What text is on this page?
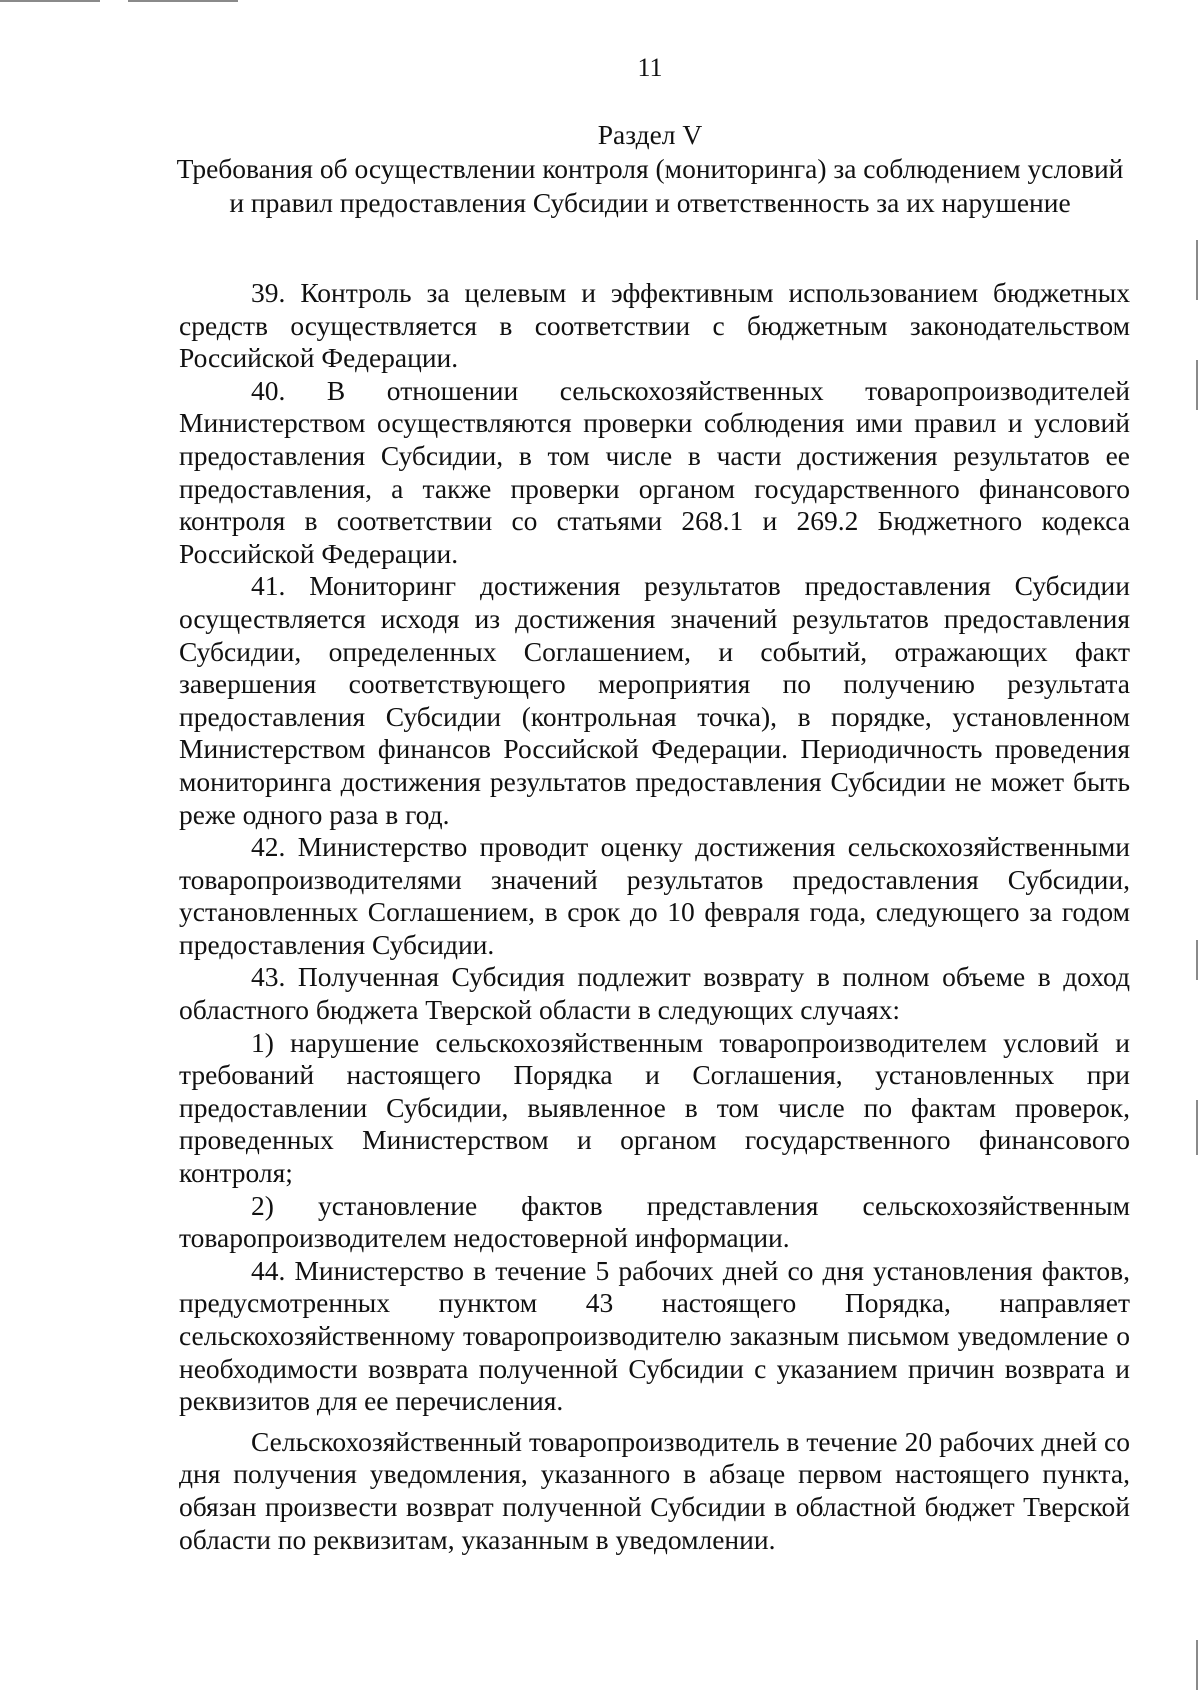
11
Раздел V
Требования об осуществлении контроля (мониторинга) за соблюдением условий и правил предоставления Субсидии и ответственность за их нарушение

39. Контроль за целевым и эффективным использованием бюджетных средств осуществляется в соответствии с бюджетным законодательством Российской Федерации.

40. В отношении сельскохозяйственных товаропроизводителей Министерством осуществляются проверки соблюдения ими правил и условий предоставления Субсидии, в том числе в части достижения результатов ее предоставления, а также проверки органом государственного финансового контроля в соответствии со статьями 268.1 и 269.2 Бюджетного кодекса Российской Федерации.

41. Мониторинг достижения результатов предоставления Субсидии осуществляется исходя из достижения значений результатов предоставления Субсидии, определенных Соглашением, и событий, отражающих факт завершения соответствующего мероприятия по получению результата предоставления Субсидии (контрольная точка), в порядке, установленном Министерством финансов Российской Федерации. Периодичность проведения мониторинга достижения результатов предоставления Субсидии не может быть реже одного раза в год.

42. Министерство проводит оценку достижения сельскохозяйственными товаропроизводителями значений результатов предоставления Субсидии, установленных Соглашением, в срок до 10 февраля года, следующего за годом предоставления Субсидии.

43. Полученная Субсидия подлежит возврату в полном объеме в доход областного бюджета Тверской области в следующих случаях:

1) нарушение сельскохозяйственным товаропроизводителем условий и требований настоящего Порядка и Соглашения, установленных при предоставлении Субсидии, выявленное в том числе по фактам проверок, проведенных Министерством и органом государственного финансового контроля;

2) установление фактов представления сельскохозяйственным товаропроизводителем недостоверной информации.

44. Министерство в течение 5 рабочих дней со дня установления фактов, предусмотренных пунктом 43 настоящего Порядка, направляет сельскохозяйственному товаропроизводителю заказным письмом уведомление о необходимости возврата полученной Субсидии с указанием причин возврата и реквизитов для ее перечисления.

Сельскохозяйственный товаропроизводитель в течение 20 рабочих дней со дня получения уведомления, указанного в абзаце первом настоящего пункта, обязан произвести возврат полученной Субсидии в областной бюджет Тверской области по реквизитам, указанным в уведомлении.
